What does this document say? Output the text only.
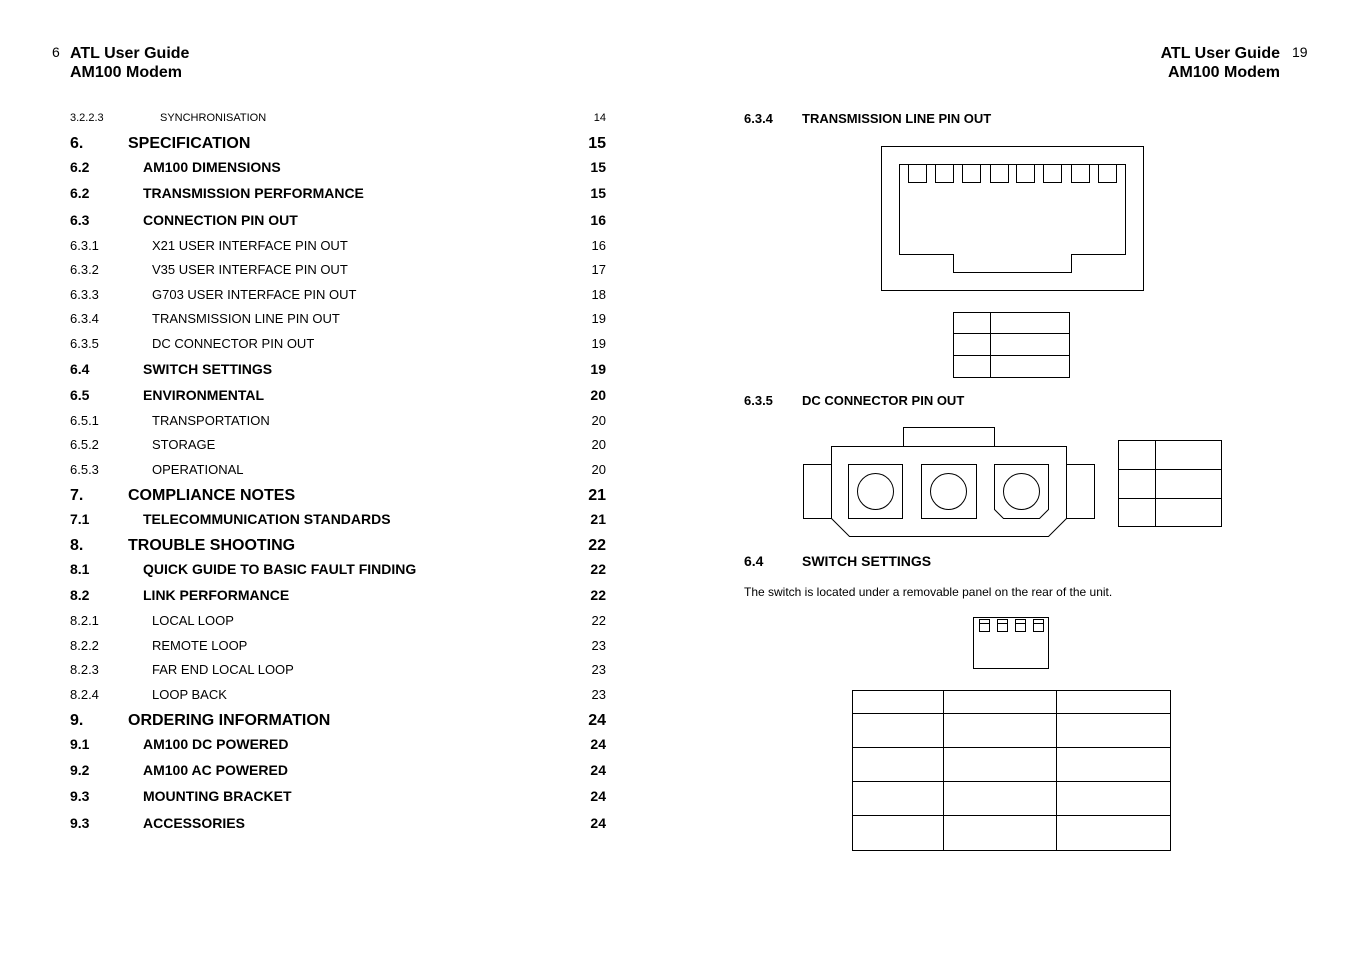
6 ATL User Guide
AM100 Modem
3.2.2.3	SYNCHRONISATION	14
6.	SPECIFICATION	15
6.2	AM100 DIMENSIONS	15
6.2	TRANSMISSION PERFORMANCE	15
6.3	CONNECTION PIN OUT	16
6.3.1	X21 USER INTERFACE PIN OUT	16
6.3.2	V35 USER INTERFACE PIN OUT	17
6.3.3	G703 USER INTERFACE PIN OUT	18
6.3.4	TRANSMISSION LINE PIN OUT	19
6.3.5	DC CONNECTOR PIN OUT	19
6.4	SWITCH SETTINGS	19
6.5	ENVIRONMENTAL	20
6.5.1	TRANSPORTATION	20
6.5.2	STORAGE	20
6.5.3	OPERATIONAL	20
7.	COMPLIANCE NOTES	21
7.1	TELECOMMUNICATION STANDARDS	21
8.	TROUBLE SHOOTING	22
8.1	QUICK GUIDE TO BASIC FAULT FINDING	22
8.2	LINK PERFORMANCE	22
8.2.1	LOCAL LOOP	22
8.2.2	REMOTE LOOP	23
8.2.3	FAR END LOCAL LOOP	23
8.2.4	LOOP BACK	23
9.	ORDERING INFORMATION	24
9.1	AM100 DC POWERED	24
9.2	AM100 AC POWERED	24
9.3	MOUNTING BRACKET	24
9.3	ACCESSORIES	24
ATL User Guide
AM100 Modem
19
6.3.4 TRANSMISSION LINE PIN OUT
6.3.5 DC CONNECTOR PIN OUT
6.4	SWITCH SETTINGS
The switch is located under a removable panel on the rear of the unit.
